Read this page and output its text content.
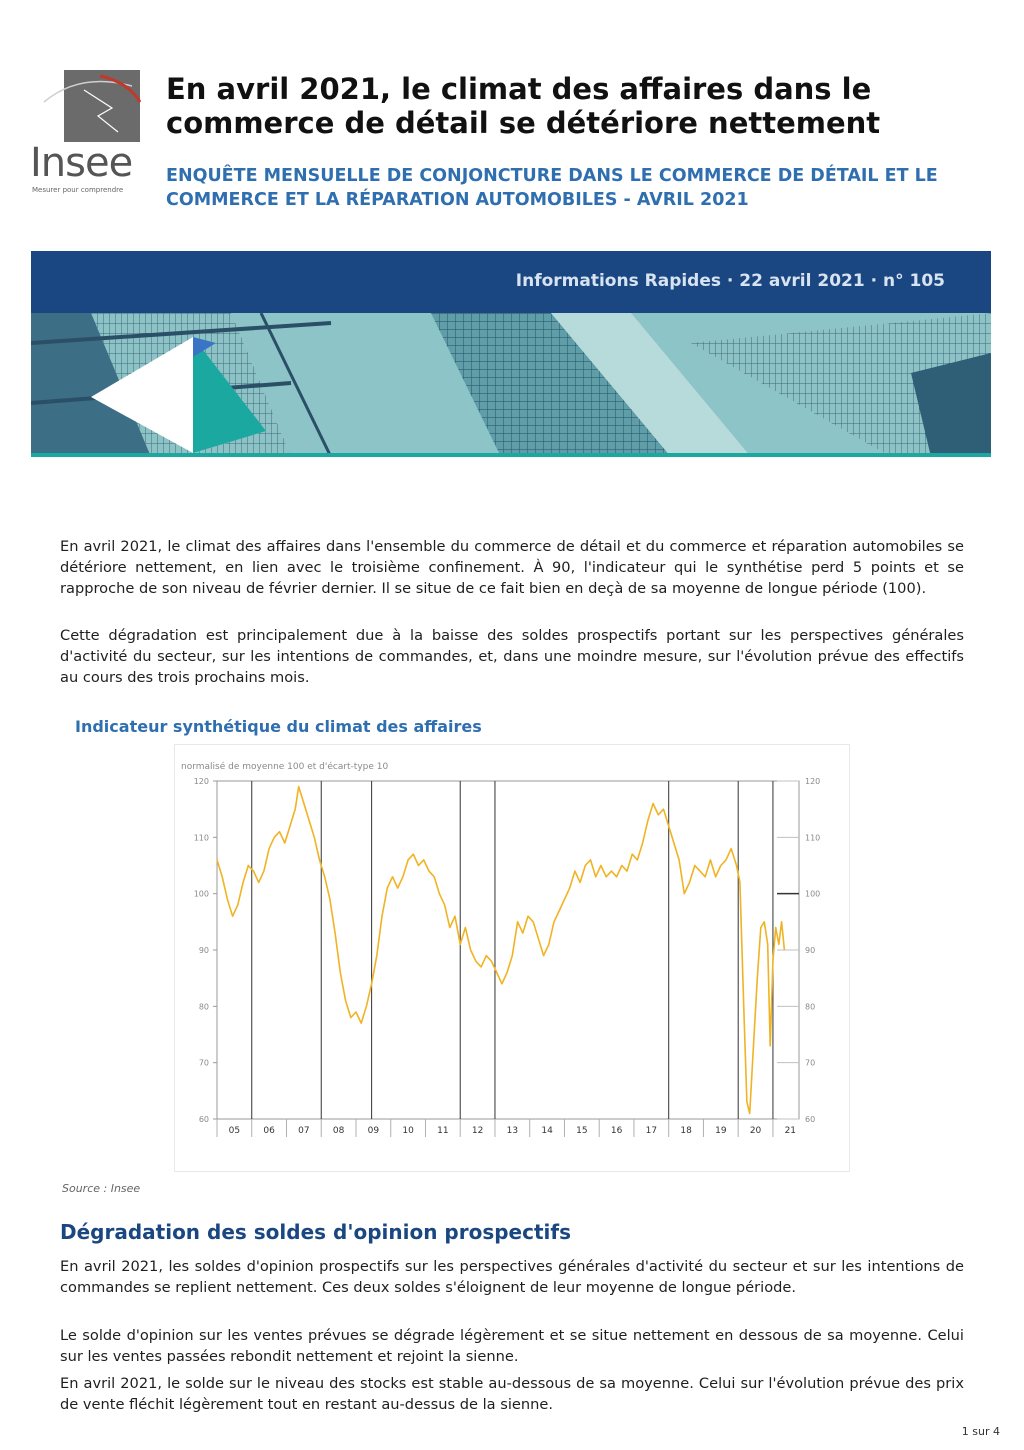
Insee
Mesurer pour comprendre
En avril 2021, le climat des affaires dans le commerce de détail se détériore nettement

ENQUÊTE MENSUELLE DE CONJONCTURE DANS LE COMMERCE DE DÉTAIL ET LE COMMERCE ET LA RÉPARATION AUTOMOBILES - AVRIL 2021

Informations Rapides · 22 avril 2021 · n° 105

En avril 2021, le climat des affaires dans l'ensemble du commerce de détail et du commerce et réparation automobiles se détériore nettement, en lien avec le troisième confinement. À 90, l'indicateur qui le synthétise perd 5 points et se rapproche de son niveau de février dernier. Il se situe de ce fait bien en deçà de sa moyenne de longue période (100).

Cette dégradation est principalement due à la baisse des soldes prospectifs portant sur les perspectives générales d'activité du secteur, sur les intentions de commandes, et, dans une moindre mesure, sur l'évolution prévue des effectifs au cours des trois prochains mois.

Indicateur synthétique du climat des affaires
normalisé de moyenne 100 et d'écart-type 10
60	60
70	70
80	80
90	90
100	100
110	110
120	120
05	06	07	08	09	10	11	12	13	14	15	16	17	18	19	20	21
Source : Insee
Dégradation des soldes d'opinion prospectifs

En avril 2021, les soldes d'opinion prospectifs sur les perspectives générales d'activité du secteur et sur les intentions de commandes se replient nettement. Ces deux soldes s'éloignent de leur moyenne de longue période.

Le solde d'opinion sur les ventes prévues se dégrade légèrement et se situe nettement en dessous de sa moyenne. Celui sur les ventes passées rebondit nettement et rejoint la sienne.

En avril 2021, le solde sur le niveau des stocks est stable au-dessous de sa moyenne. Celui sur l'évolution prévue des prix de vente fléchit légèrement tout en restant au-dessus de la sienne.

1 sur 4
